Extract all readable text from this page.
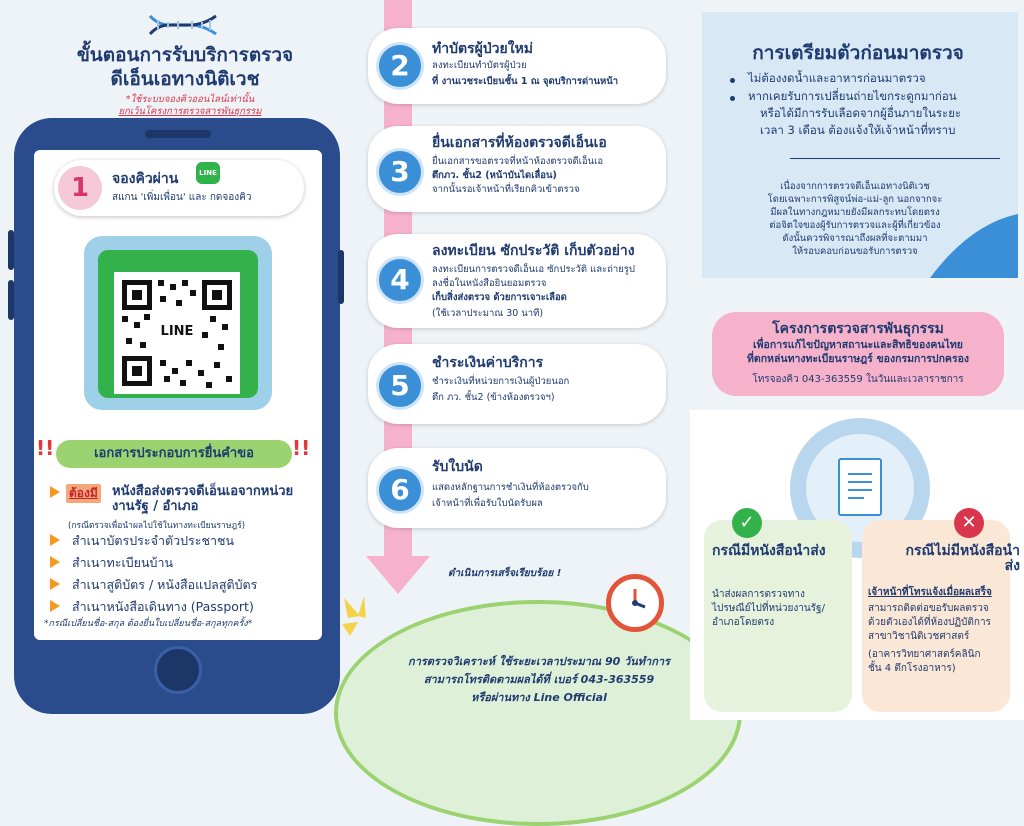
ขั้นตอนการรับบริการตรวจ
ดีเอ็นเอทางนิติเวช
*ใช้ระบบจองคิวออนไลน์เท่านั้น
ยกเว้นโครงการตรวจสารพันธุกรรม
1	จองคิวผ่าน	LINE
สแกน 'เพิ่มเพื่อน' และ กดจองคิว
LINE
!!	!!
เอกสารประกอบการยื่นคำขอ
ต้องมี หนังสือส่งตรวจดีเอ็นเอจากหน่วยงานรัฐ / อำเภอ
(กรณีตรวจเพื่อนำผลไปใช้ในทางทะเบียนราษฎร์)
สำเนาบัตรประจำตัวประชาชน
สำเนาทะเบียนบ้าน
สำเนาสูติบัตร / หนังสือแปลสูติบัตร
สำเนาหนังสือเดินทาง (Passport)
*กรณีเปลี่ยนชื่อ-สกุล ต้องยื่นใบเปลี่ยนชื่อ-สกุลทุกครั้ง*
2	ทำบัตรผู้ป่วยใหม่
ลงทะเบียนทำบัตรผู้ป่วย
ที่ งานเวชระเบียนชั้น 1 ณ จุดบริการด่านหน้า
3
ยื่นเอกสารที่ห้องตรวจดีเอ็นเอ
ยื่นเอกสารขอตรวจที่หน้าห้องตรวจดีเอ็นเอ
ตึกภว. ชั้น2 (หน้าบันไดเลื่อน)
จากนั้นรอเจ้าหน้าที่เรียกคิวเข้าตรวจ
4
ลงทะเบียน ซักประวัติ เก็บตัวอย่าง
ลงทะเบียนการตรวจดีเอ็นเอ ซักประวัติ และถ่ายรูป
ลงชื่อในหนังสือยินยอมตรวจ
เก็บสิ่งส่งตรวจ ด้วยการเจาะเลือด
(ใช้เวลาประมาณ 30 นาที)
5
ชำระเงินค่าบริการ
ชำระเงินที่หน่วยการเงินผู้ป่วยนอก
ตึก ภว. ชั้น2 (ข้างห้องตรวจฯ)
6
รับใบนัด
แสดงหลักฐานการชำเงินที่ห้องตรวจกับ
เจ้าหน้าที่เพื่อรับใบนัดรับผล
ดำเนินการเสร็จเรียบร้อย !
การตรวจวิเคราะห์ ใช้ระยะเวลาประมาณ 90 วันทำการ
สามารถโทรติดตามผลได้ที่ เบอร์ 043-363559
หรือผ่านทาง Line Official
การเตรียมตัวก่อนมาตรวจ
ไม่ต้องงดน้ำและอาหารก่อนมาตรวจ
หากเคยรับการเปลี่ยนถ่ายไขกระดูกมาก่อน
หรือได้มีการรับเลือดจากผู้อื่นภายในระยะ
เวลา 3 เดือน ต้องแจ้งให้เจ้าหน้าที่ทราบ
เนื่องจากการตรวจดีเอ็นเอทางนิติเวช
โดยเฉพาะการพิสูจน์พ่อ-แม่-ลูก นอกจากจะ
มีผลในทางกฎหมายยังมีผลกระทบโดยตรง
ต่อจิตใจของผู้รับการตรวจและผู้ที่เกี่ยวข้อง
ดังนั้นควรพิจารณาถึงผลที่จะตามมา
ให้รอบคอบก่อนขอรับการตรวจ
โครงการตรวจสารพันธุกรรม
เพื่อการแก้ไขปัญหาสถานะและสิทธิของคนไทย
ที่ตกหล่นทางทะเบียนราษฎร์ ของกรมการปกครอง
โทรจองคิว 043-363559 ในวันและเวลาราชการ
✓
กรณีมีหนังสือนำส่ง
นำส่งผลการตรวจทาง
ไปรษณีย์ไปที่หน่วยงานรัฐ/
อำเภอโดยตรง
✕
กรณีไม่มีหนังสือนำส่ง
เจ้าหน้าที่โทรแจ้งเมื่อผลเสร็จ
สามารถติดต่อขอรับผลตรวจ
ด้วยตัวเองได้ที่ห้องปฏิบัติการ
สาขาวิชานิติเวชศาสตร์
(อาคารวิทยาศาสตร์คลินิก
ชั้น 4 ตึกโรงอาหาร)
